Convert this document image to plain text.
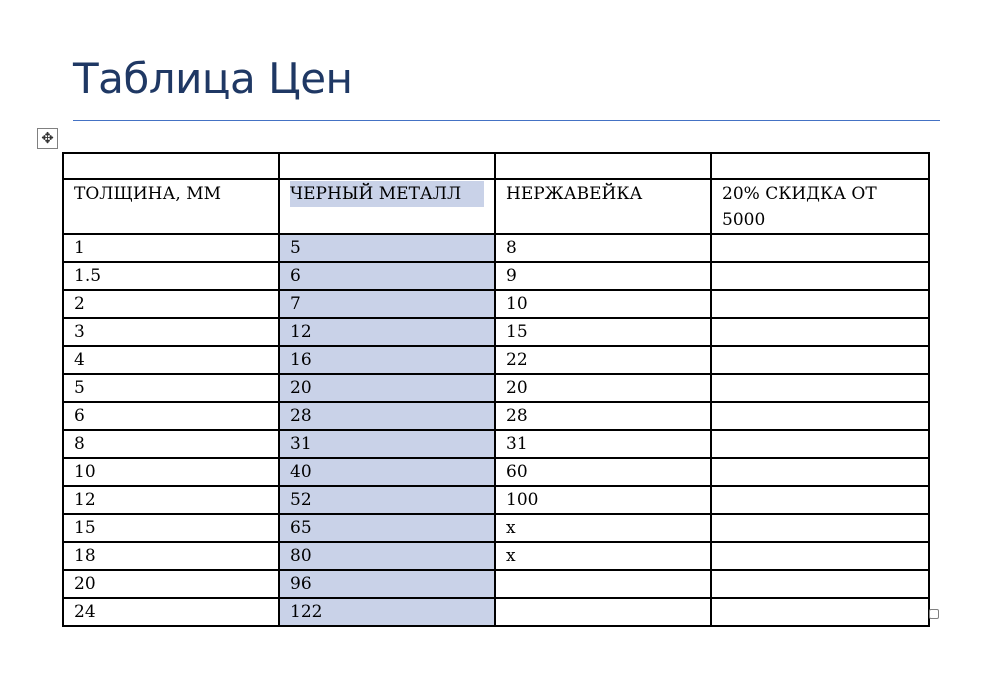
Таблица Цен
✥

ТОЛЩИНА, ММ	ЧЕРНЫЙ МЕТАЛЛ	НЕРЖАВЕЙКА	20% СКИДКА ОТ 5000
1	5	8	
1.5	6	9	
2	7	10	
3	12	15	
4	16	22	
5	20	20	
6	28	28	
8	31	31	
10	40	60	
12	52	100	
15	65	x	
18	80	x	
20	96		
24	122		
